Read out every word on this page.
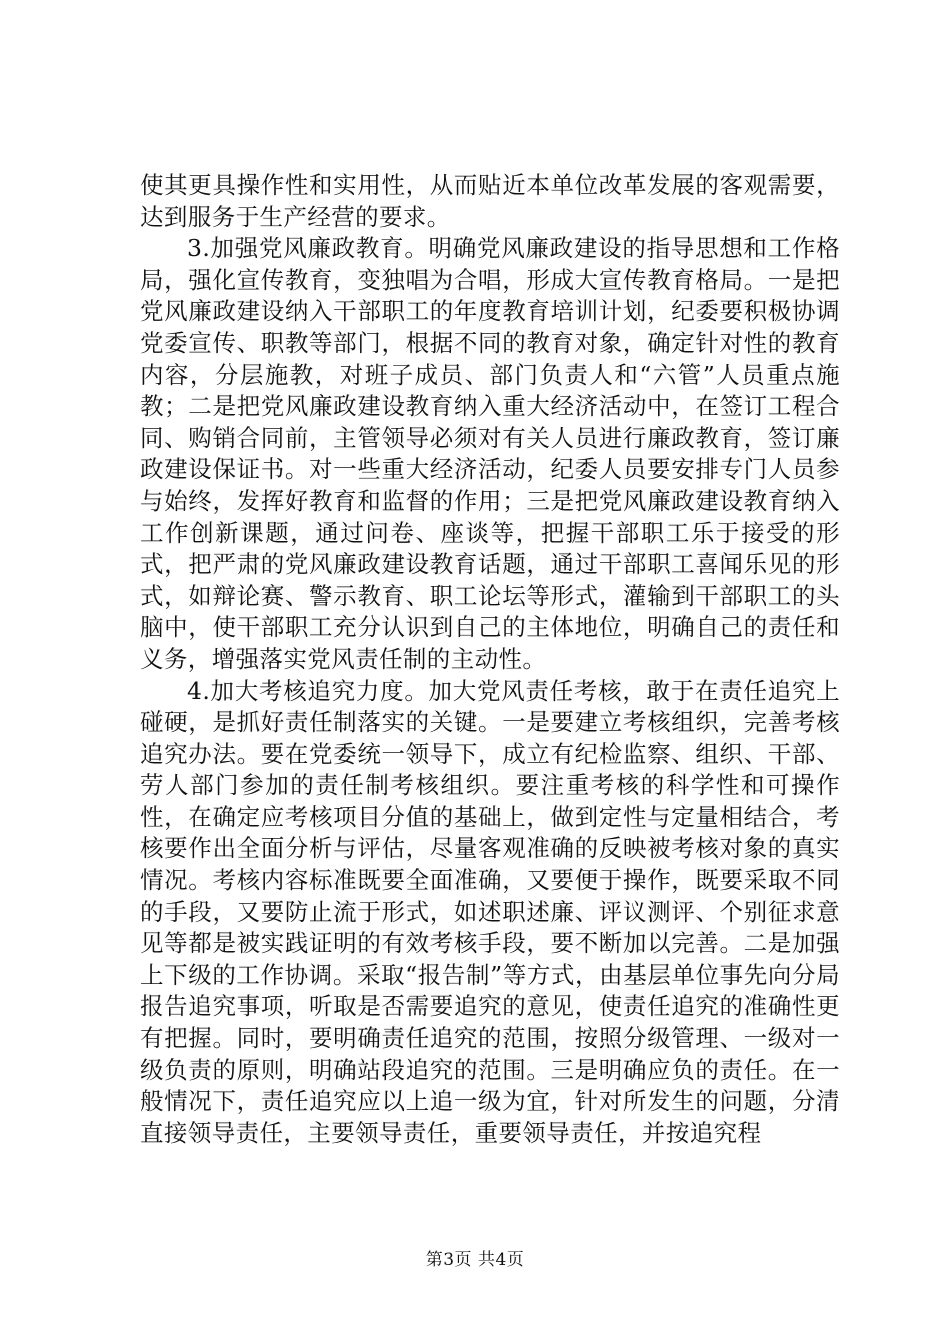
使其更具操作性和实用性，从而贴近本单位改革发展的客观需要，达到服务于生产经营的要求。

3.加强党风廉政教育。明确党风廉政建设的指导思想和工作格局，强化宣传教育，变独唱为合唱，形成大宣传教育格局。一是把党风廉政建设纳入干部职工的年度教育培训计划，纪委要积极协调党委宣传、职教等部门，根据不同的教育对象，确定针对性的教育内容，分层施教，对班子成员、部门负责人和“六管”人员重点施教；二是把党风廉政建设教育纳入重大经济活动中，在签订工程合同、购销合同前，主管领导必须对有关人员进行廉政教育，签订廉政建设保证书。对一些重大经济活动，纪委人员要安排专门人员参与始终，发挥好教育和监督的作用；三是把党风廉政建设教育纳入工作创新课题，通过问卷、座谈等，把握干部职工乐于接受的形式，把严肃的党风廉政建设教育话题，通过干部职工喜闻乐见的形式，如辩论赛、警示教育、职工论坛等形式，灌输到干部职工的头脑中，使干部职工充分认识到自己的主体地位，明确自己的责任和义务，增强落实党风责任制的主动性。

4.加大考核追究力度。加大党风责任考核，敢于在责任追究上碰硬，是抓好责任制落实的关键。一是要建立考核组织，完善考核追究办法。要在党委统一领导下，成立有纪检监察、组织、干部、劳人部门参加的责任制考核组织。要注重考核的科学性和可操作性，在确定应考核项目分值的基础上，做到定性与定量相结合，考核要作出全面分析与评估，尽量客观准确的反映被考核对象的真实情况。考核内容标准既要全面准确，又要便于操作，既要采取不同的手段，又要防止流于形式，如述职述廉、评议测评、个别征求意见等都是被实践证明的有效考核手段，要不断加以完善。二是加强上下级的工作协调。采取“报告制”等方式，由基层单位事先向分局报告追究事项，听取是否需要追究的意见，使责任追究的准确性更有把握。同时，要明确责任追究的范围，按照分级管理、一级对一级负责的原则，明确站段追究的范围。三是明确应负的责任。在一般情况下，责任追究应以上追一级为宜，针对所发生的问题，分清直接领导责任，主要领导责任，重要领导责任，并按追究程

第3页 共4页
